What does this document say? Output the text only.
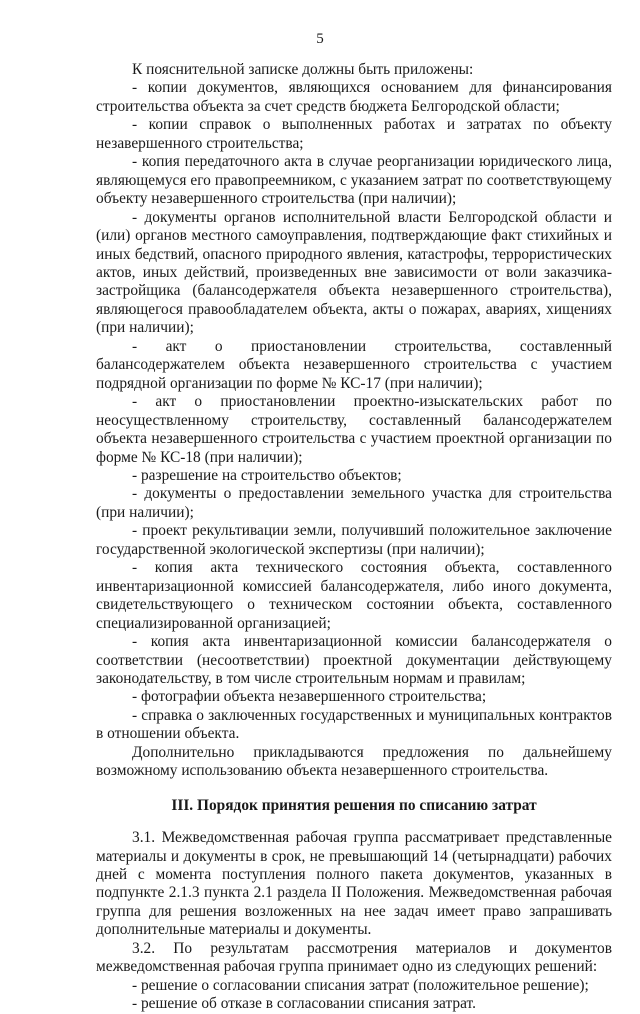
5

К пояснительной записке должны быть приложены:

- копии документов, являющихся основанием для финансирования строительства объекта за счет средств бюджета Белгородской области;

- копии справок о выполненных работах и затратах по объекту незавершенного строительства;

- копия передаточного акта в случае реорганизации юридического лица, являющемуся его правопреемником, с указанием затрат по соответствующему объекту незавершенного строительства (при наличии);

- документы органов исполнительной власти Белгородской области и (или) органов местного самоуправления, подтверждающие факт стихийных и иных бедствий, опасного природного явления, катастрофы, террористических актов, иных действий, произведенных вне зависимости от воли заказчика-застройщика (балансодержателя объекта незавершенного строительства), являющегося правообладателем объекта, акты о пожарах, авариях, хищениях (при наличии);

- акт о приостановлении строительства, составленный балансодержателем объекта незавершенного строительства с участием подрядной организации по форме № КС-17 (при наличии);

- акт о приостановлении проектно-изыскательских работ по неосуществленному строительству, составленный балансодержателем объекта незавершенного строительства с участием проектной организации по форме № КС-18 (при наличии);

- разрешение на строительство объектов;

- документы о предоставлении земельного участка для строительства (при наличии);

- проект рекультивации земли, получивший положительное заключение государственной экологической экспертизы (при наличии);

- копия акта технического состояния объекта, составленного инвентаризационной комиссией балансодержателя, либо иного документа, свидетельствующего о техническом состоянии объекта, составленного специализированной организацией;

- копия акта инвентаризационной комиссии балансодержателя о соответствии (несоответствии) проектной документации действующему законодательству, в том числе строительным нормам и правилам;

- фотографии объекта незавершенного строительства;

- справка о заключенных государственных и муниципальных контрактов в отношении объекта.

Дополнительно прикладываются предложения по дальнейшему возможному использованию объекта незавершенного строительства.

III. Порядок принятия решения по списанию затрат

3.1. Межведомственная рабочая группа рассматривает представленные материалы и документы в срок, не превышающий 14 (четырнадцати) рабочих дней с момента поступления полного пакета документов, указанных в подпункте 2.1.3 пункта 2.1 раздела II Положения. Межведомственная рабочая группа для решения возложенных на нее задач имеет право запрашивать дополнительные материалы и документы.

3.2. По результатам рассмотрения материалов и документов межведомственная рабочая группа принимает одно из следующих решений:

- решение о согласовании списания затрат (положительное решение);

- решение об отказе в согласовании списания затрат.
